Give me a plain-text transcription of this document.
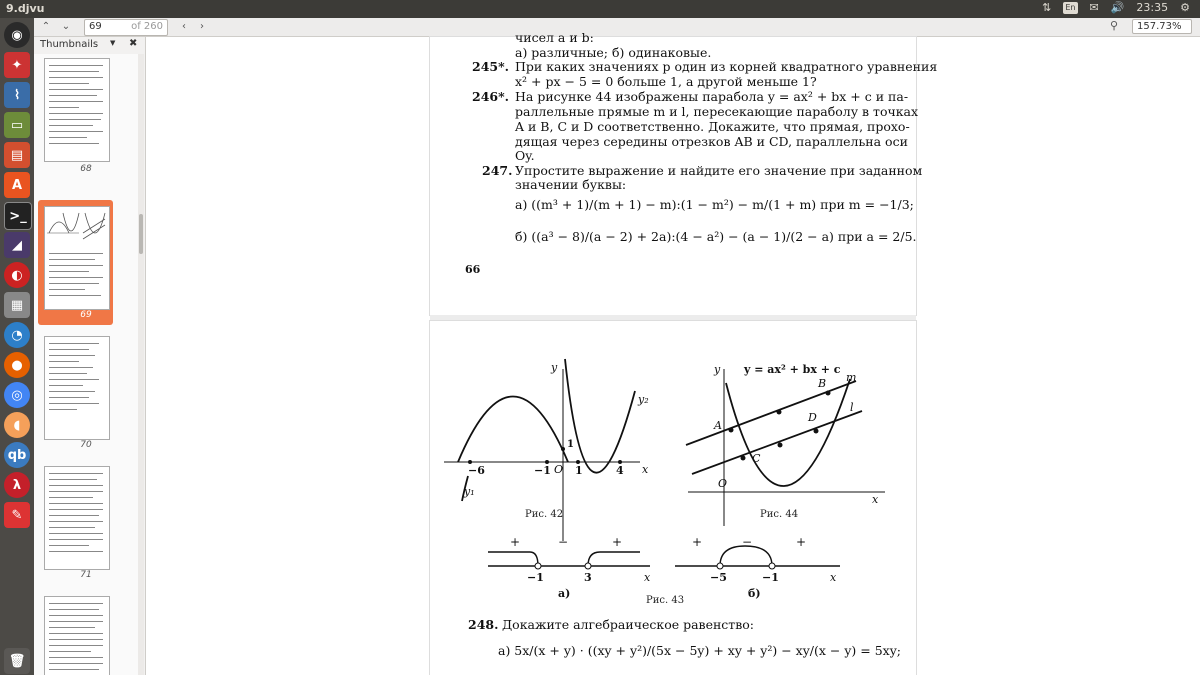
9.djvu	⇅ En ✉ 🔊 23:35 ⚙
◉
✦
⌇
▭
▤
A
>_
◢
◐
▦
◔
●
◎
◖
qb
λ
✎
🗑
⌃	⌄	69	of 260	‹	›	⚲	157.73%
Thumbnails ▼ ✖
68
69
70
71
чисел a и b:
а) различные; б) одинаковые.
245*. При каких значениях p один из корней квадратного уравнения
x² + px − 5 = 0 больше 1, а другой меньше 1?
246*. На рисунке 44 изображены парабола y = ax² + bx + c и па-
раллельные прямые m и l, пересекающие параболу в точках
A и B, C и D соответственно. Докажите, что прямая, прохо-
дящая через середины отрезков AB и CD, параллельна оси
Oy.
247. Упростите выражение и найдите его значение при заданном
значении буквы:
а) ((m³ + 1)/(m + 1) − m):(1 − m²) − m/(1 + m) при m = −1/3;
б) ((a³ − 8)/(a − 2) + 2a):(4 − a²) − (a − 1)/(2 − a) при a = 2/5.
66
y
x
y₂
y₁
−6	−1 O 1	4
1
Рис. 42
y y = ax² + bx + c
x
O
A
B
C
D
m
l
Рис. 44
+	−	+
−1	3	x
а)
+	−	+
−5	−1	x
б)
Рис. 43
248. Докажите алгебраическое равенство:
а) 5x/(x + y) · ((xy + y²)/(5x − 5y) + xy + y²) − xy/(x − y) = 5xy;
